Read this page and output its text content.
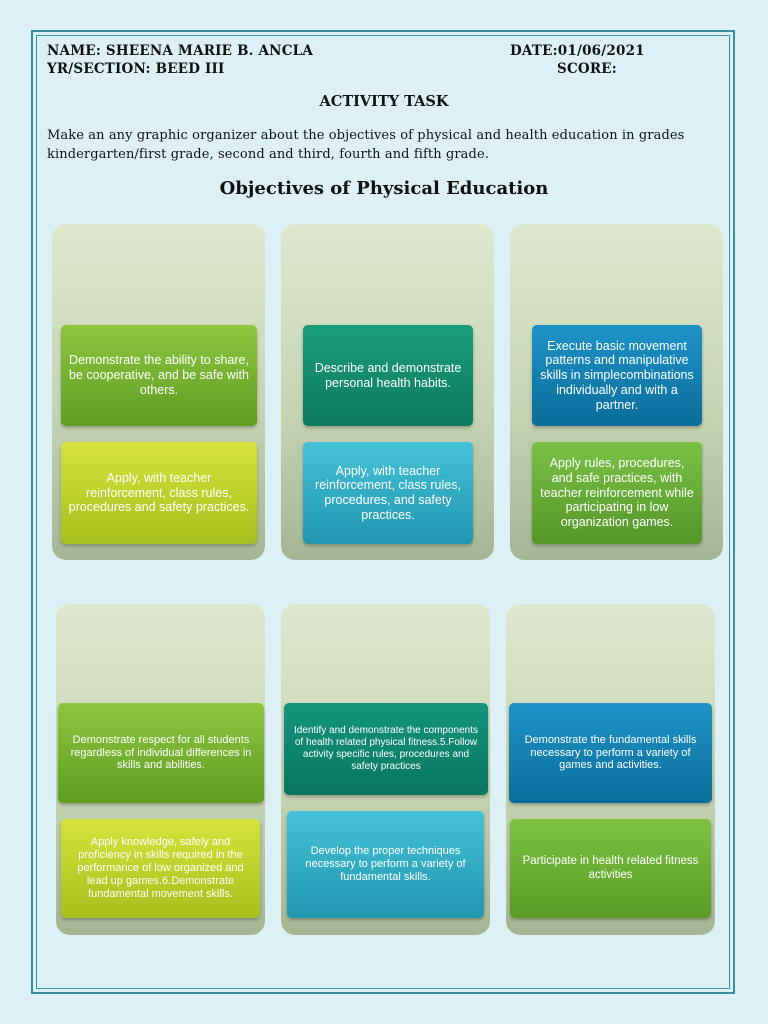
NAME: SHEENA MARIE B. ANCLA	DATE:01/06/2021
YR/SECTION: BEED III	SCORE:
ACTIVITY TASK
Make an any graphic organizer about the objectives of physical and health education in grades kindergarten/first grade, second and third, fourth and fifth grade.
Objectives of Physical Education
Demonstrate the ability to share, be cooperative, and be safe with others.
Apply, with teacher reinforcement, class rules, procedures and safety practices.
Describe and demonstrate personal health habits.
Apply, with teacher reinforcement, class rules, procedures, and safety practices.
Execute basic movement patterns and manipulative skills in simplecombinations individually and with a partner.
Apply rules, procedures, and safe practices, with teacher reinforcement while participating in low organization games.
Demonstrate respect for all students regardless of individual differences in skills and abilities.
Apply knowledge, safely and proficiency in skills required in the performance of low organized and lead up games.6.Demonstrate fundamental movement skills.
Identify and demonstrate the components of health related physical fitness.5.Follow activity specific rules, procedures and safety practices
Develop the proper techniques necessary to perform a variety of fundamental skills.
Demonstrate the fundamental skills necessary to perform a variety of games and activities.
Participate in health related fitness activities
